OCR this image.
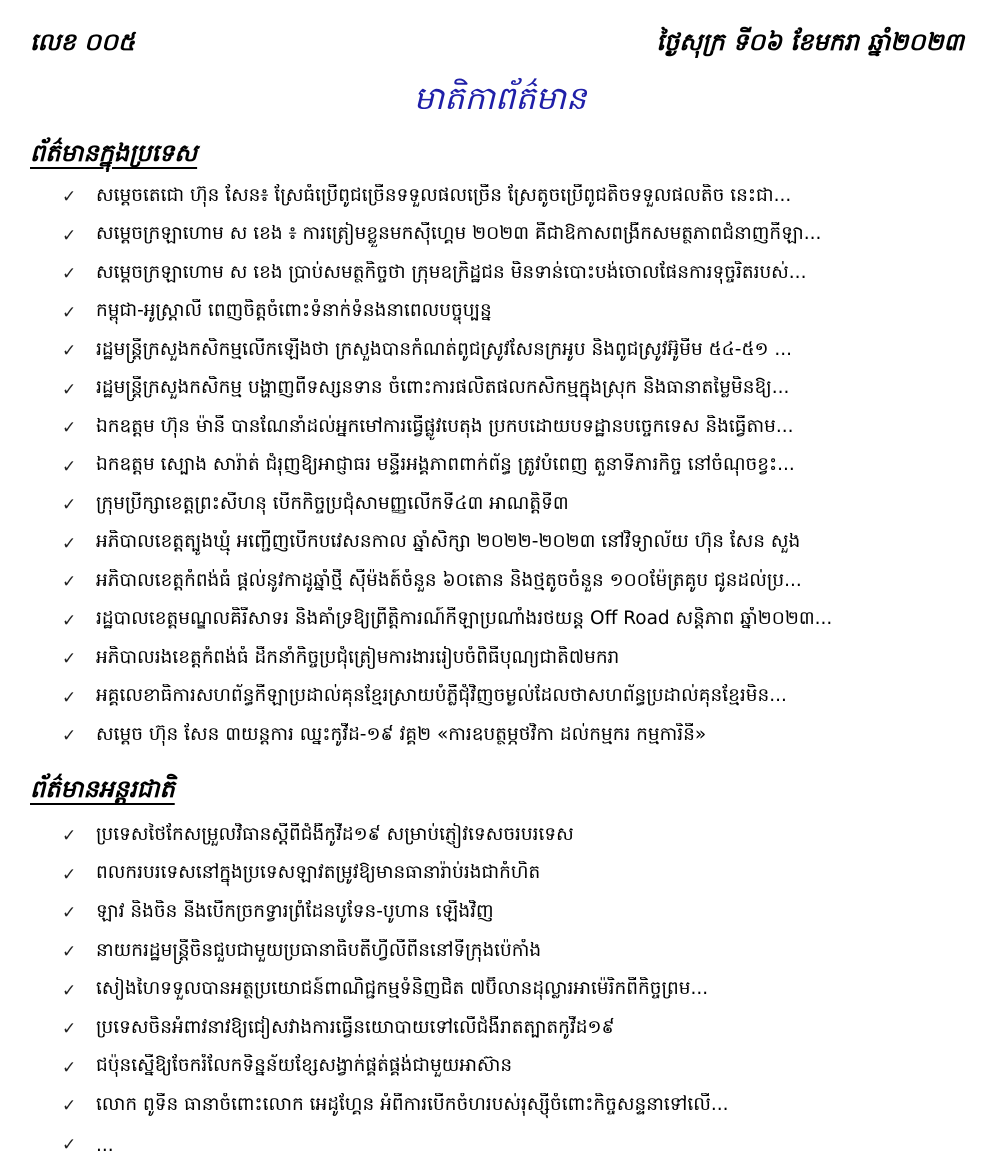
លេខ ០០៥	ថ្ងៃសុក្រ ទី០៦ ខែមករា ឆ្នាំ២០២៣
មាតិកាព័ត៌មាន
ព័ត៌មានក្នុងប្រទេស
✓	សម្តេចតេជោ ហ៊ុន សែន៖ ស្រែធំប្រើពូជច្រើនទទួលផលច្រើន ស្រែតូចប្រើពូជតិចទទួលផលតិច នេះជា...
✓	សម្តេចក្រឡាហោម ស ខេង ៖ ការត្រៀមខ្លួនមកស៊ីហ្គេម ២០២៣ គឺជាឱកាសពង្រីកសមត្ថភាពជំនាញកីឡា...
✓	សម្តេចក្រឡាហោម ស ខេង ប្រាប់សមត្ថកិច្ចថា ក្រុមឧក្រិដ្ឋជន មិនទាន់បោះបង់ចោលផែនការទុច្ចរិតរបស់...
✓	កម្ពុជា-អូស្ត្រាលី ពេញចិត្តចំពោះទំនាក់ទំនងនាពេលបច្ចុប្បន្ន
✓	រដ្ឋមន្ត្រីក្រសួងកសិកម្មលើកឡើងថា ក្រសួងបានកំណត់ពូជស្រូវសែនក្រអូប និងពូជស្រូវអ៊ូមីម ៥៤-៥១ ...
✓	រដ្ឋមន្ត្រីក្រសួងកសិកម្ម បង្ហាញពីទស្សនទាន ចំពោះការផលិតផលកសិកម្មក្នុងស្រុក និងធានាតម្លៃមិនឱ្យ...
✓	ឯកឧត្តម ហ៊ុន ម៉ានី បានណែនាំដល់អ្នកមៅការធ្វើផ្លូវបេតុង ប្រកបដោយបទដ្ឋានបច្ចេកទេស និងធ្វើតាម...
✓	ឯកឧត្តម ស្បោង សារ៉ាត់ ជំរុញឱ្យអាជ្ញាធរ មន្ទីរអង្គភាពពាក់ព័ន្ធ ត្រូវបំពេញ តួនាទីភារកិច្ច នៅចំណុចខ្វះ...
✓	ក្រុមប្រឹក្សាខេត្តព្រះសីហនុ បើកកិច្ចប្រជុំសាមញ្ញលើកទី៤៣ អាណត្តិទី៣
✓	អភិបាលខេត្តត្បូងឃ្មុំ អញ្ជើញបើកបវេសនកាល ឆ្នាំសិក្សា ២០២២-២០២៣ នៅវិទ្យាល័យ ហ៊ុន សែន សួង
✓	អភិបាលខេត្តកំពង់ធំ ផ្តល់នូវកាដូឆ្នាំថ្មី ស៊ីម៉ងត៍ចំនួន ៦០តោន និងថ្មតូចចំនួន ១០០ម៉ែត្រគូប ជូនដល់ប្រ...
✓	រដ្ឋបាលខេត្តមណ្ឌលគិរីសាទរ និងគាំទ្រឱ្យព្រឹត្តិការណ៍កីឡាប្រណាំងរថយន្ត Off Road សន្តិភាព ឆ្នាំ២០២៣...
✓	អភិបាលរងខេត្តកំពង់ធំ ដឹកនាំកិច្ចប្រជុំត្រៀមការងាររៀបចំពិធីបុណ្យជាតិ៧មករា
✓	អគ្គលេខាធិការសហព័ន្ធកីឡាប្រដាល់គុនខ្មែរស្រាយបំភ្លឺជុំវិញចម្ងល់ដែលថាសហព័ន្ធប្រដាល់គុនខ្មែរមិន...
✓	សម្តេច ហ៊ុន សែន ៣យន្តការ ឈ្នះកូវីដ-១៩ វគ្គ២ «ការឧបត្ថម្ភថវិកា ដល់កម្មករ កម្មការិនី»
ព័ត៌មានអន្តរជាតិ
✓	ប្រទេសថៃកែសម្រួលវិធានស្តីពីជំងឺកូវីដ១៩ សម្រាប់ភ្ញៀវទេសចរបរទេស
✓	ពលករបរទេសនៅក្នុងប្រទេសឡាវតម្រូវឱ្យមានធានារ៉ាប់រងជាកំហិត
✓	ឡាវ និងចិន នឹងបើកច្រកទ្វារព្រំដែនបូទែន-បូហាន ឡើងវិញ
✓	នាយករដ្ឋមន្ត្រីចិនជួបជាមួយប្រធានាធិបតីហ្វីលីពីននៅទីក្រុងប៉េកាំង
✓	សៀងហៃទទួលបានអត្ថប្រយោជន៍ពាណិជ្ជកម្មទំនិញជិត ៧ប៊ីលានដុល្លារអាម៉េរិកពីកិច្ចព្រម...
✓	ប្រទេសចិនអំពាវនាវឱ្យជៀសវាងការធ្វើនយោបាយទៅលើជំងឺរាតត្បាតកូវីដ១៩
✓	ជប៉ុនស្នើឱ្យចែករំលែកទិន្នន័យខ្សែសង្វាក់ផ្គត់ផ្គង់ជាមួយអាស៊ាន
✓	លោក ពូទីន ធានាចំពោះលោក អេដូហ្គែន អំពីការបើកចំហរបស់រុស្ស៊ីចំពោះកិច្ចសន្ទនាទៅលើ...
✓	...
